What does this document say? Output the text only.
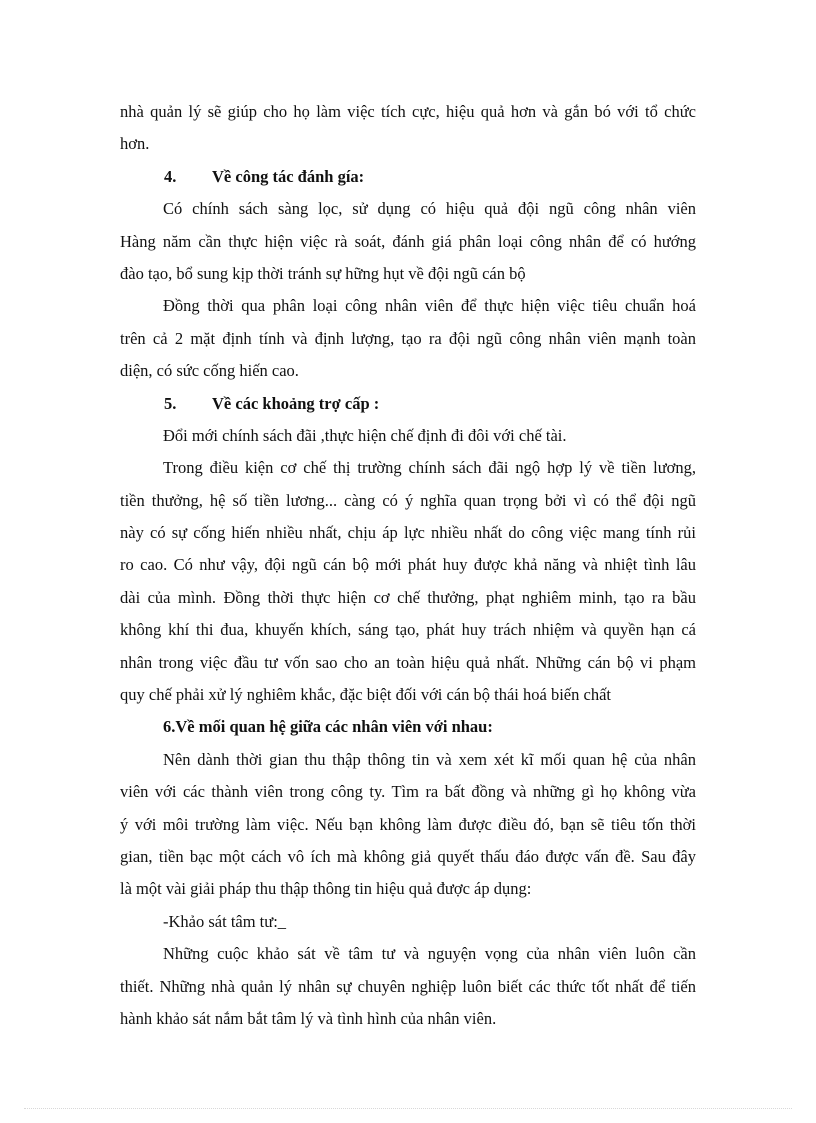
nhà quản lý sẽ giúp cho họ làm việc tích cực, hiệu quả hơn và gắn bó với tổ chức
hơn.
4. Về công tác đánh gía:
Có chính sách sàng lọc, sử dụng có hiệu quả đội ngũ công nhân viên
Hàng năm cần thực hiện việc rà soát, đánh giá phân loại công nhân để có hướng
đào tạo, bổ sung kịp thời tránh sự hững hụt về đội ngũ cán bộ
Đồng thời qua phân loại công nhân viên để thực hiện việc tiêu chuẩn hoá
trên cả 2 mặt định tính và định lượng, tạo ra đội ngũ công nhân viên mạnh toàn
diện, có sức cống hiến cao.
5. Về các khoảng trợ cấp :
Đổi mới chính sách đãi ,thực hiện chế định đi đôi với chế tài.
Trong điều kiện cơ chế thị trường chính sách đãi ngộ hợp lý về tiền lương,
tiền thưởng, hệ số tiền lương... càng có ý nghĩa quan trọng bởi vì có thể đội ngũ
này có sự cống hiến nhiều nhất, chịu áp lực nhiều nhất do công việc mang tính rủi
ro cao. Có như vậy, đội ngũ cán bộ mới phát huy được khả năng và nhiệt tình lâu
dài của mình. Đồng thời thực hiện cơ chế thưởng, phạt nghiêm minh, tạo ra bầu
không khí thi đua, khuyến khích, sáng tạo, phát huy trách nhiệm và quyền hạn cá
nhân trong việc đầu tư vốn sao cho an toàn hiệu quả nhất. Những cán bộ vi phạm
quy chế phải xử lý nghiêm khắc, đặc biệt đối với cán bộ thái hoá biến chất
6.Về mối quan hệ giữa các nhân viên với nhau:
Nên dành thời gian thu thập thông tin và xem xét kĩ mối quan hệ của nhân
viên với các thành viên trong công ty. Tìm ra bất đồng và những gì họ không vừa
ý với môi trường làm việc. Nếu bạn không làm được điều đó, bạn sẽ tiêu tốn thời
gian, tiền bạc một cách vô ích mà không giả quyết thấu đáo được vấn đề. Sau đây
là một vài giải pháp thu thập thông tin hiệu quả được áp dụng:
-Khảo sát tâm tư:_
Những cuộc khảo sát về tâm tư và nguyện vọng của nhân viên luôn cần
thiết. Những nhà quản lý nhân sự chuyên nghiệp luôn biết các thức tốt nhất để tiến
hành khảo sát nắm bắt tâm lý và tình hình của nhân viên.
